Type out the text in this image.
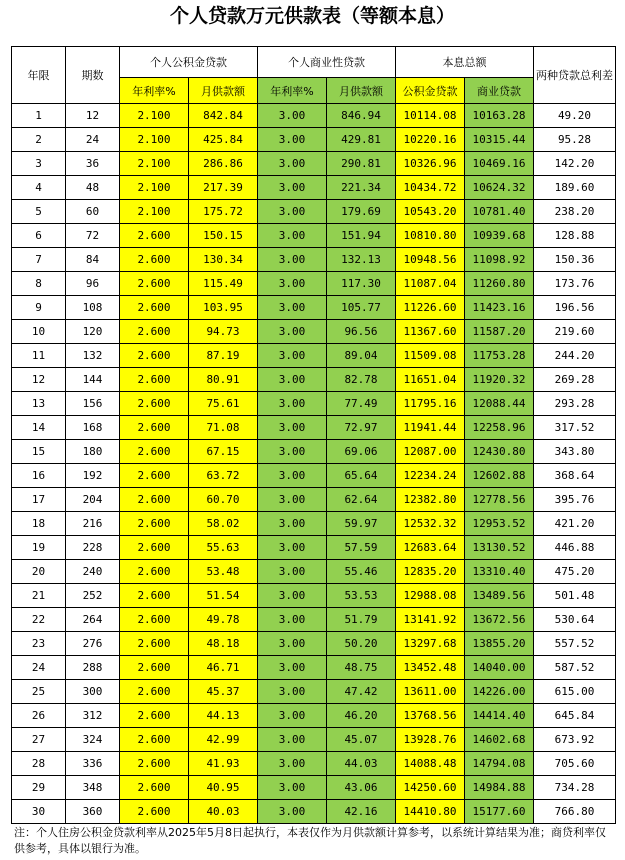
个人贷款万元供款表（等额本息）
年限	期数	个人公积金贷款		个人商业性贷款		本息总额		两种贷款总利差
		年利率%	月供款额	年利率%	月供款额	公积金贷款	商业贷款	
1	12	2.100	842.84	3.00	846.94	10114.08	10163.28	49.20
2	24	2.100	425.84	3.00	429.81	10220.16	10315.44	95.28
3	36	2.100	286.86	3.00	290.81	10326.96	10469.16	142.20
4	48	2.100	217.39	3.00	221.34	10434.72	10624.32	189.60
5	60	2.100	175.72	3.00	179.69	10543.20	10781.40	238.20
6	72	2.600	150.15	3.00	151.94	10810.80	10939.68	128.88
7	84	2.600	130.34	3.00	132.13	10948.56	11098.92	150.36
8	96	2.600	115.49	3.00	117.30	11087.04	11260.80	173.76
9	108	2.600	103.95	3.00	105.77	11226.60	11423.16	196.56
10	120	2.600	94.73	3.00	96.56	11367.60	11587.20	219.60
11	132	2.600	87.19	3.00	89.04	11509.08	11753.28	244.20
12	144	2.600	80.91	3.00	82.78	11651.04	11920.32	269.28
13	156	2.600	75.61	3.00	77.49	11795.16	12088.44	293.28
14	168	2.600	71.08	3.00	72.97	11941.44	12258.96	317.52
15	180	2.600	67.15	3.00	69.06	12087.00	12430.80	343.80
16	192	2.600	63.72	3.00	65.64	12234.24	12602.88	368.64
17	204	2.600	60.70	3.00	62.64	12382.80	12778.56	395.76
18	216	2.600	58.02	3.00	59.97	12532.32	12953.52	421.20
19	228	2.600	55.63	3.00	57.59	12683.64	13130.52	446.88
20	240	2.600	53.48	3.00	55.46	12835.20	13310.40	475.20
21	252	2.600	51.54	3.00	53.53	12988.08	13489.56	501.48
22	264	2.600	49.78	3.00	51.79	13141.92	13672.56	530.64
23	276	2.600	48.18	3.00	50.20	13297.68	13855.20	557.52
24	288	2.600	46.71	3.00	48.75	13452.48	14040.00	587.52
25	300	2.600	45.37	3.00	47.42	13611.00	14226.00	615.00
26	312	2.600	44.13	3.00	46.20	13768.56	14414.40	645.84
27	324	2.600	42.99	3.00	45.07	13928.76	14602.68	673.92
28	336	2.600	41.93	3.00	44.03	14088.48	14794.08	705.60
29	348	2.600	40.95	3.00	43.06	14250.60	14984.88	734.28
30	360	2.600	40.03	3.00	42.16	14410.80	15177.60	766.80
注：个人住房公积金贷款利率从2025年5月8日起执行，本表仅作为月供款额计算参考，以系统计算结果为准；商贷利率仅供参考，具体以银行为准。
